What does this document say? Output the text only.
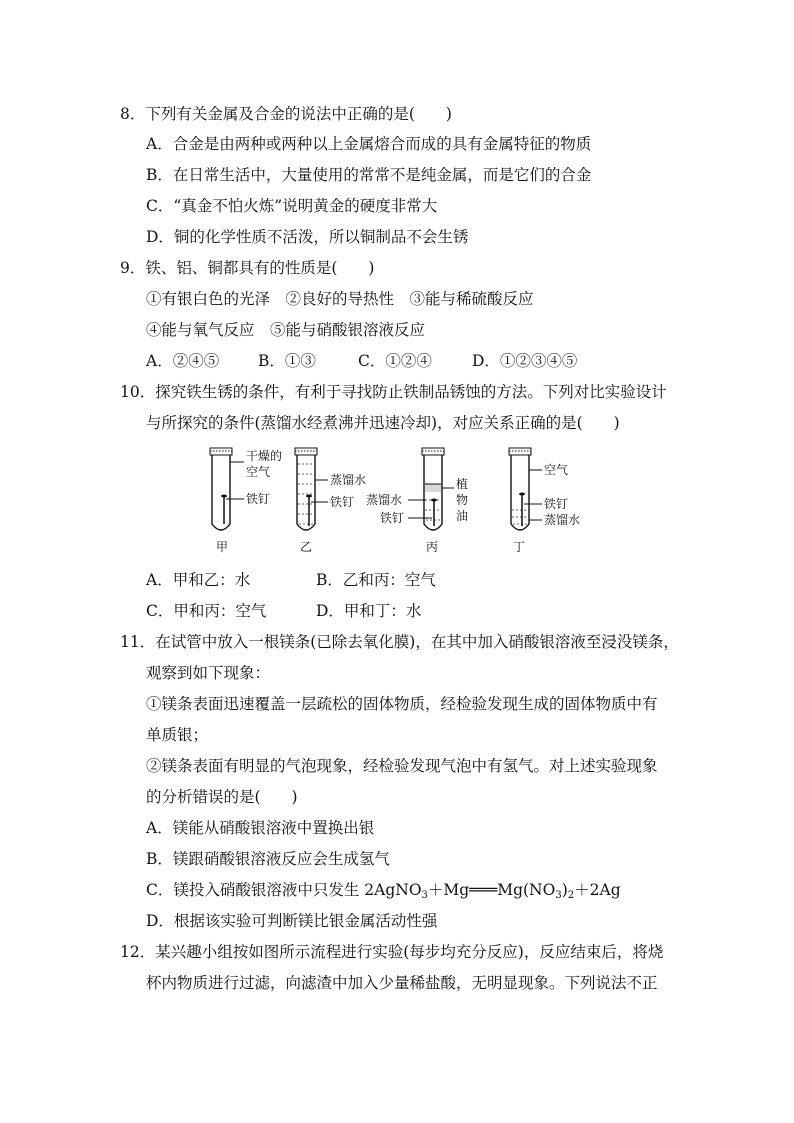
8．下列有关金属及合金的说法中正确的是(　　)
A．合金是由两种或两种以上金属熔合而成的具有金属特征的物质
B．在日常生活中，大量使用的常常不是纯金属，而是它们的合金
C．“真金不怕火炼”说明黄金的硬度非常大
D．铜的化学性质不活泼，所以铜制品不会生锈
9．铁、铝、铜都具有的性质是(　　)
①有银白色的光泽　②良好的导热性　③能与稀硫酸反应
④能与氧气反应　⑤能与硝酸银溶液反应
A．②④⑤	B．①③	C．①②④	D．①②③④⑤
10．探究铁生锈的条件，有利于寻找防止铁制品锈蚀的方法。下列对比实验设计
与所探究的条件(蒸馏水经煮沸并迅速冷却)，对应关系正确的是(　　)
干燥的
空气
铁钉
甲
蒸馏水
铁钉
乙
蒸馏水
铁钉
植
物
油
丙
空气
铁钉
蒸馏水
丁
A．甲和乙：水	B．乙和丙：空气
C．甲和丙：空气	D．甲和丁：水
11．在试管中放入一根镁条(已除去氧化膜)，在其中加入硝酸银溶液至浸没镁条，
观察到如下现象：
①镁条表面迅速覆盖一层疏松的固体物质，经检验发现生成的固体物质中有
单质银；
②镁条表面有明显的气泡现象，经检验发现气泡中有氢气。对上述实验现象
的分析错误的是(　　)
A．镁能从硝酸银溶液中置换出银
B．镁跟硝酸银溶液反应会生成氢气
C．镁投入硝酸银溶液中只发生 $2AgNO_3+Mg═══Mg(NO_3)_2+2Ag$
D．根据该实验可判断镁比银金属活动性强
12．某兴趣小组按如图所示流程进行实验(每步均充分反应)，反应结束后，将烧
杯内物质进行过滤，向滤渣中加入少量稀盐酸，无明显现象。下列说法不正
